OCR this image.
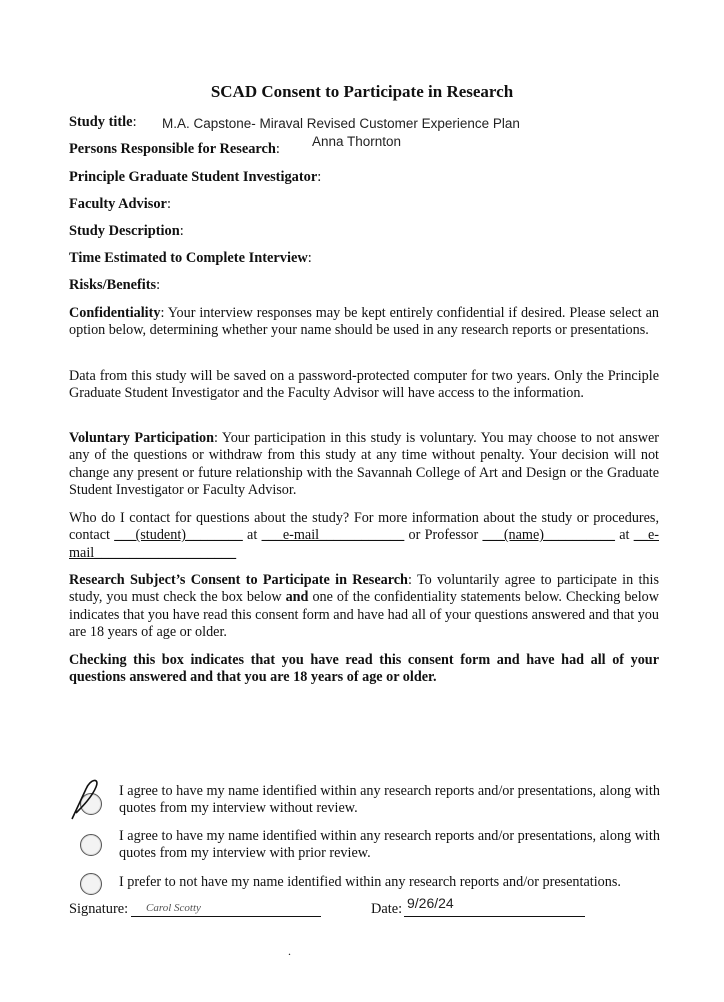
SCAD Consent to Participate in Research
Study title: M.A. Capstone- Miraval Revised Customer Experience Plan
Persons Responsible for Research: Anna Thornton
Principle Graduate Student Investigator:
Faculty Advisor:
Study Description:
Time Estimated to Complete Interview:
Risks/Benefits:
Confidentiality: Your interview responses may be kept entirely confidential if desired. Please select an option below, determining whether your name should be used in any research reports or presentations.
Data from this study will be saved on a password-protected computer for two years. Only the Principle Graduate Student Investigator and the Faculty Advisor will have access to the information.
Voluntary Participation: Your participation in this study is voluntary. You may choose to not answer any of the questions or withdraw from this study at any time without penalty. Your decision will not change any present or future relationship with the Savannah College of Art and Design or the Graduate Student Investigator or Faculty Advisor.
Who do I contact for questions about the study? For more information about the study or procedures, contact ___(student)________ at ___e-mail____________ or Professor ___(name)__________ at __e-mail____________________
Research Subject’s Consent to Participate in Research: To voluntarily agree to participate in this study, you must check the box below and one of the confidentiality statements below. Checking below indicates that you have read this consent form and have had all of your questions answered and that you are 18 years of age or older.
Checking this box indicates that you have read this consent form and have had all of your questions answered and that you are 18 years of age or older.
I agree to have my name identified within any research reports and/or presentations, along with quotes from my interview without review.
I agree to have my name identified within any research reports and/or presentations, along with quotes from my interview with prior review.
I prefer to not have my name identified within any research reports and/or presentations.
Signature: Carol Scotty	Date: 9/26/24
.
